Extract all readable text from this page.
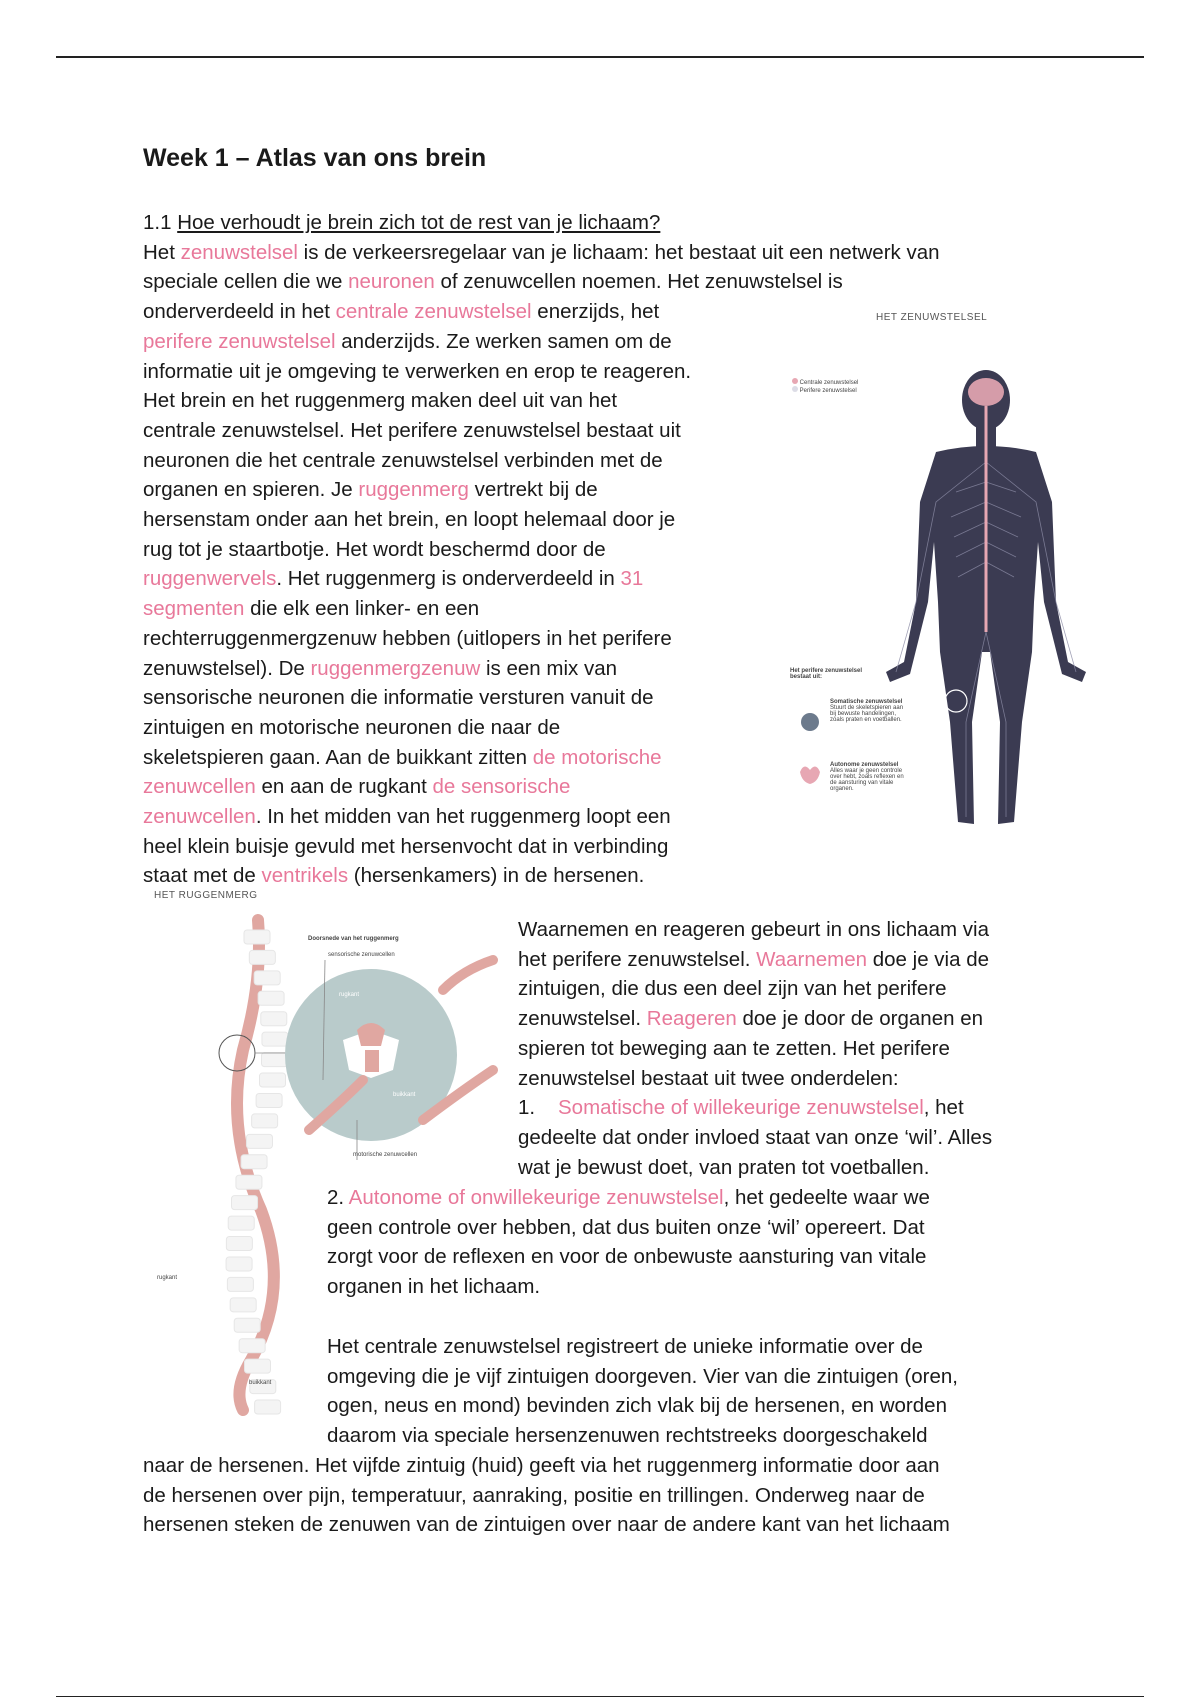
Week 1 – Atlas van ons brein

1.1 Hoe verhoudt je brein zich tot de rest van je lichaam?

Het zenuwstelsel is de verkeersregelaar van je lichaam: het bestaat uit een netwerk van

speciale cellen die we neuronen of zenuwcellen noemen. Het zenuwstelsel is

onderverdeeld in het centrale zenuwstelsel enerzijds, het

perifere zenuwstelsel anderzijds. Ze werken samen om de

informatie uit je omgeving te verwerken en erop te reageren.

Het brein en het ruggenmerg maken deel uit van het

centrale zenuwstelsel. Het perifere zenuwstelsel bestaat uit

neuronen die het centrale zenuwstelsel verbinden met de

organen en spieren. Je ruggenmerg vertrekt bij de

hersenstam onder aan het brein, en loopt helemaal door je

rug tot je staartbotje. Het wordt beschermd door de

ruggenwervels. Het ruggenmerg is onderverdeeld in 31

segmenten die elk een linker- en een

rechterruggenmergzenuw hebben (uitlopers in het perifere

zenuwstelsel). De ruggenmergzenuw is een mix van

sensorische neuronen die informatie versturen vanuit de

zintuigen en motorische neuronen die naar de

skeletspieren gaan. Aan de buikkant zitten de motorische

zenuwcellen en aan de rugkant de sensorische

zenuwcellen. In het midden van het ruggenmerg loopt een

heel klein buisje gevuld met hersenvocht dat in verbinding

staat met de ventrikels (hersenkamers) in de hersenen.

HET ZENUWSTELSEL
Centrale zenuwstelsel
Perifere zenuwstelsel
Het perifere zenuwstelsel bestaat uit:
Somatische zenuwstelsel
Stuurt de skeletspieren aan bij bewuste handelingen, zoals praten en voetballen.
Autonome zenuwstelsel
Alles waar je geen controle over hebt, zoals reflexen en de aansturing van vitale organen.
HET RUGGENMERG
Doorsnede van het ruggenmerg
sensorische zenuwcellen
rugkant
buikkant
motorische zenuwcellen
rugkant
buikkant

Waarnemen en reageren gebeurt in ons lichaam via

het perifere zenuwstelsel. Waarnemen doe je via de

zintuigen, die dus een deel zijn van het perifere

zenuwstelsel. Reageren doe je door de organen en

spieren tot beweging aan te zetten. Het perifere

zenuwstelsel bestaat uit twee onderdelen:

1. Somatische of willekeurige zenuwstelsel, het

gedeelte dat onder invloed staat van onze ‘wil’. Alles

wat je bewust doet, van praten tot voetballen.

2. Autonome of onwillekeurige zenuwstelsel, het gedeelte waar we

geen controle over hebben, dat dus buiten onze ‘wil’ opereert. Dat

zorgt voor de reflexen en voor de onbewuste aansturing van vitale

organen in het lichaam.

Het centrale zenuwstelsel registreert de unieke informatie over de

omgeving die je vijf zintuigen doorgeven. Vier van die zintuigen (oren,

ogen, neus en mond) bevinden zich vlak bij de hersenen, en worden

daarom via speciale hersenzenuwen rechtstreeks doorgeschakeld

naar de hersenen. Het vijfde zintuig (huid) geeft via het ruggenmerg informatie door aan

de hersenen over pijn, temperatuur, aanraking, positie en trillingen. Onderweg naar de

hersenen steken de zenuwen van de zintuigen over naar de andere kant van het lichaam
